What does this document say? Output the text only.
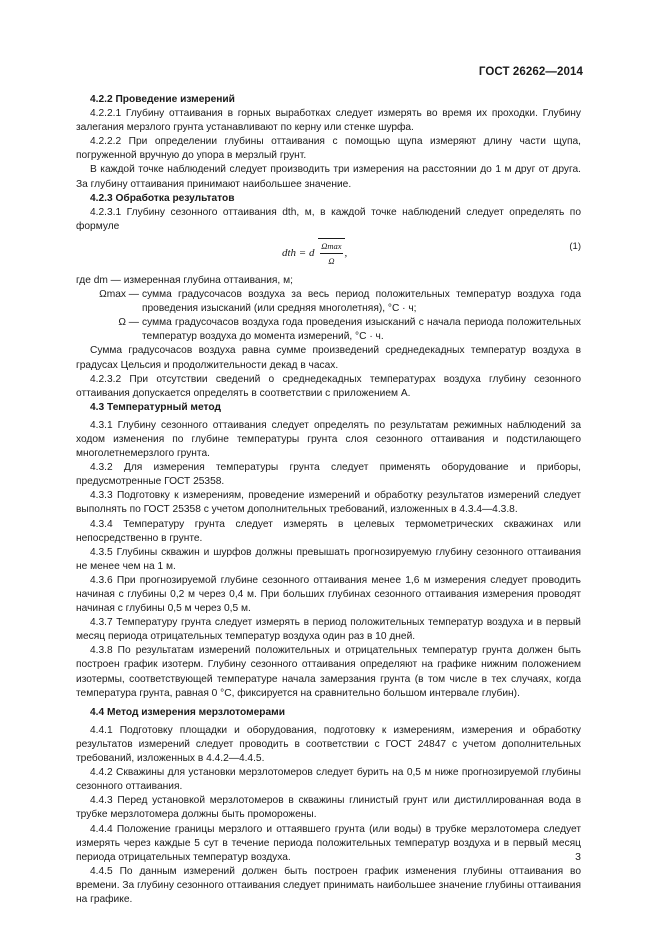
ГОСТ 26262—2014
4.2.2 Проведение измерений

4.2.2.1 Глубину оттаивания в горных выработках следует измерять во время их проходки. Глубину залегания мерзлого грунта устанавливают по керну или стенке шурфа.

4.2.2.2 При определении глубины оттаивания с помощью щупа измеряют длину части щупа, погруженной вручную до упора в мерзлый грунт.

В каждой точке наблюдений следует производить три измерения на расстоянии до 1 м друг от друга. За глубину оттаивания принимают наибольшее значение.

4.2.3 Обработка результатов

4.2.3.1 Глубину сезонного оттаивания dth, м, в каждой точке наблюдений следует определять по формуле

dth = d $\frac{\Omega\max}{\Omega}$ ,
(1)

где dm — измеренная глубина оттаивания, м;

Ωmax — сумма градусочасов воздуха за весь период положительных температур воздуха года проведения изысканий (или средняя многолетняя), °С · ч;
Ω — сумма градусочасов воздуха года проведения изысканий с начала периода положительных температур воздуха до момента измерений, °С · ч.

Сумма градусочасов воздуха равна сумме произведений среднедекадных температур воздуха в градусах Цельсия и продолжительности декад в часах.

4.2.3.2 При отсутствии сведений о среднедекадных температурах воздуха глубину сезонного оттаивания допускается определять в соответствии с приложением А.

4.3 Температурный метод

4.3.1 Глубину сезонного оттаивания следует определять по результатам режимных наблюдений за ходом изменения по глубине температуры грунта слоя сезонного оттаивания и подстилающего многолетнемерзлого грунта.

4.3.2 Для измерения температуры грунта следует применять оборудование и приборы, предусмотренные ГОСТ 25358.

4.3.3 Подготовку к измерениям, проведение измерений и обработку результатов измерений следует выполнять по ГОСТ 25358 с учетом дополнительных требований, изложенных в 4.3.4—4.3.8.

4.3.4 Температуру грунта следует измерять в целевых термометрических скважинах или непосредственно в грунте.

4.3.5 Глубины скважин и шурфов должны превышать прогнозируемую глубину сезонного оттаивания не менее чем на 1 м.

4.3.6 При прогнозируемой глубине сезонного оттаивания менее 1,6 м измерения следует проводить начиная с глубины 0,2 м через 0,4 м. При больших глубинах сезонного оттаивания измерения проводят начиная с глубины 0,5 м через 0,5 м.

4.3.7 Температуру грунта следует измерять в период положительных температур воздуха и в первый месяц периода отрицательных температур воздуха один раз в 10 дней.

4.3.8 По результатам измерений положительных и отрицательных температур грунта должен быть построен график изотерм. Глубину сезонного оттаивания определяют на графике нижним положением изотермы, соответствующей температуре начала замерзания грунта (в том числе в тех случаях, когда температура грунта, равная 0 °С, фиксируется на сравнительно большом интервале глубин).

4.4 Метод измерения мерзлотомерами

4.4.1 Подготовку площадки и оборудования, подготовку к измерениям, измерения и обработку результатов измерений следует проводить в соответствии с ГОСТ 24847 с учетом дополнительных требований, изложенных в 4.4.2—4.4.5.

4.4.2 Скважины для установки мерзлотомеров следует бурить на 0,5 м ниже прогнозируемой глубины сезонного оттаивания.

4.4.3 Перед установкой мерзлотомеров в скважины глинистый грунт или дистиллированная вода в трубке мерзлотомера должны быть проморожены.

4.4.4 Положение границы мерзлого и оттаявшего грунта (или воды) в трубке мерзлотомера следует измерять через каждые 5 сут в течение периода положительных температур воздуха и в первый месяц периода отрицательных температур воздуха.

4.4.5 По данным измерений должен быть построен график изменения глубины оттаивания во времени. За глубину сезонного оттаивания следует принимать наибольшее значение глубины оттаивания на графике.

3
